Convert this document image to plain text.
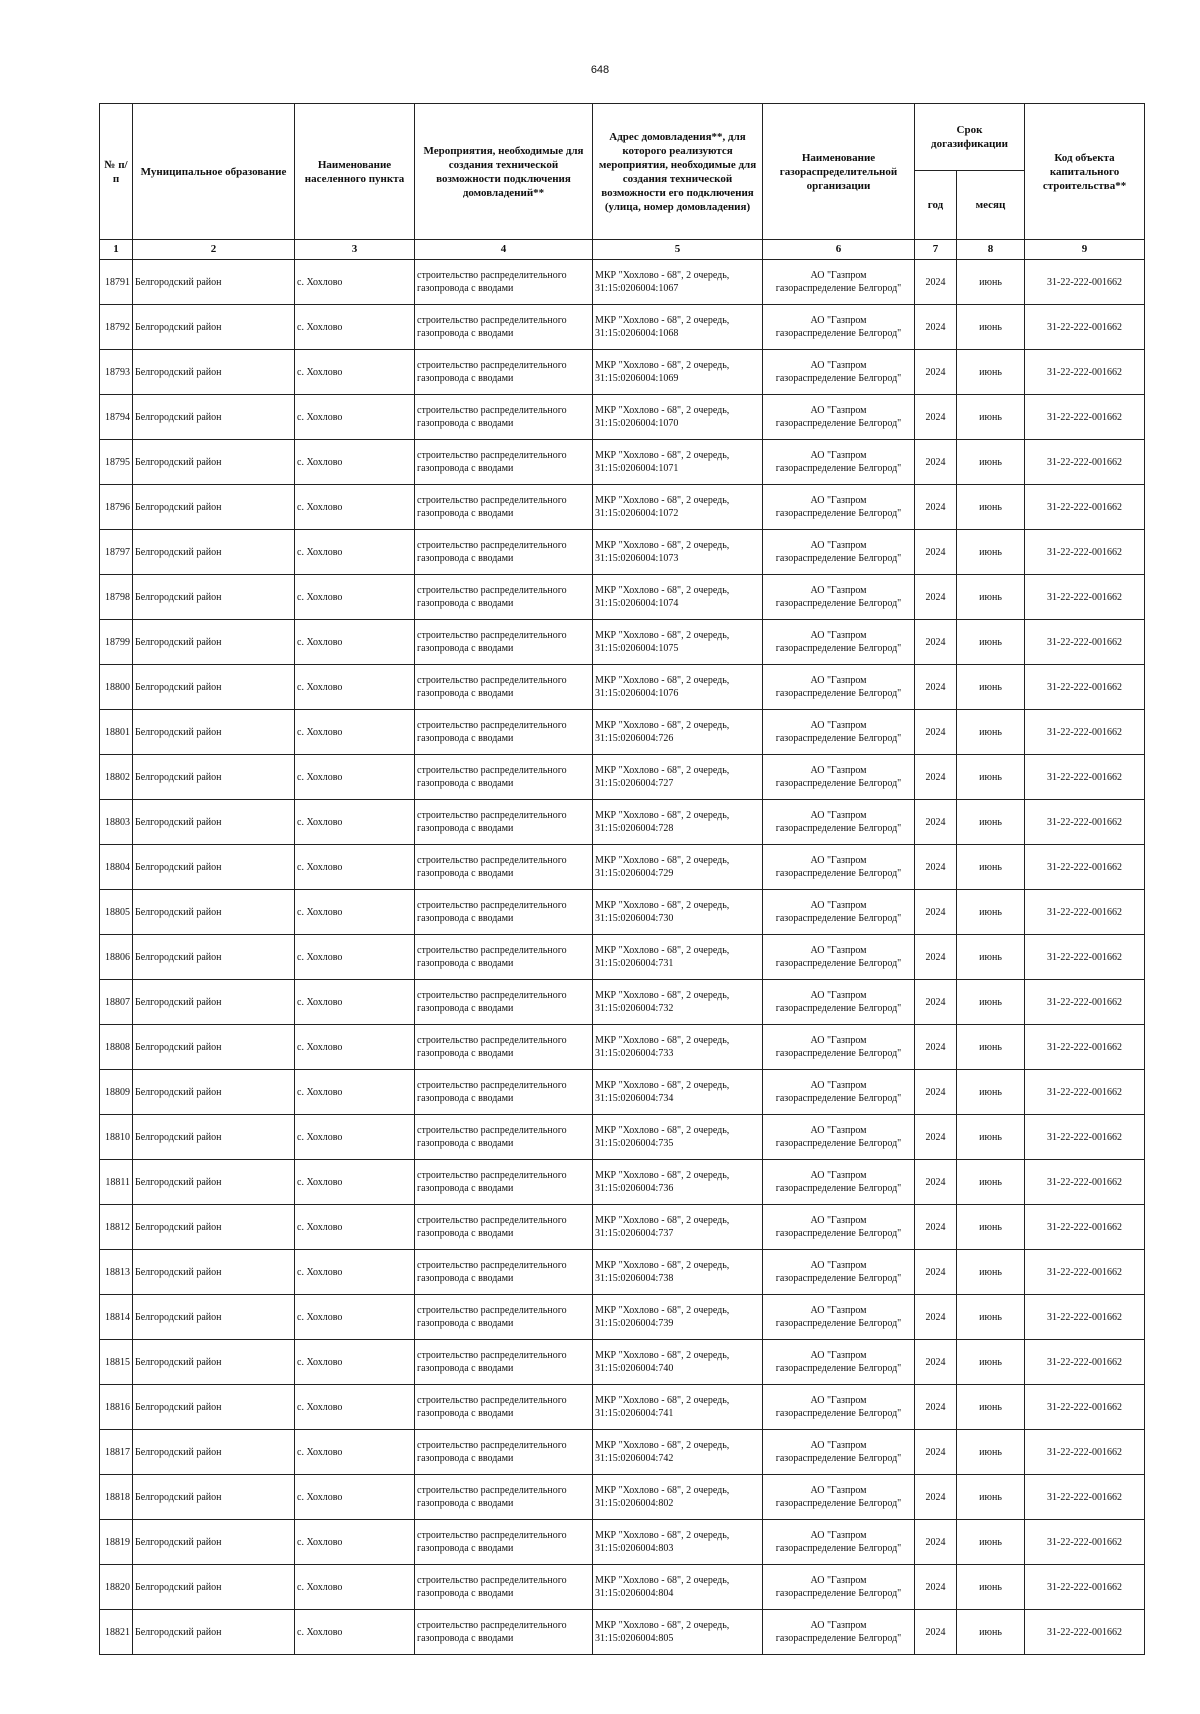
648
№ п/п	Муниципальное образование	Наименование населенного пункта	Мероприятия, необходимые для создания технической возможности подключения домовладений**	Адрес домовладения**, для которого реализуются мероприятия, необходимые для создания технической возможности его подключения (улица, номер домовладения)	Наименование газораспределительной организации	Срок догазификации		Код объекта капитального строительства**
						год	месяц	
1	2	3	4	5	6	7	8	9
18791	Белгородский район	с. Хохлово	строительство распределительного
газопровода с вводами	МКР "Хохлово - 68", 2 очередь,
31:15:0206004:1067	АО "Газпром
газораспределение Белгород"	2024	июнь	31-22-222-001662
18792	Белгородский район	с. Хохлово	строительство распределительного
газопровода с вводами	МКР "Хохлово - 68", 2 очередь,
31:15:0206004:1068	АО "Газпром
газораспределение Белгород"	2024	июнь	31-22-222-001662
18793	Белгородский район	с. Хохлово	строительство распределительного
газопровода с вводами	МКР "Хохлово - 68", 2 очередь,
31:15:0206004:1069	АО "Газпром
газораспределение Белгород"	2024	июнь	31-22-222-001662
18794	Белгородский район	с. Хохлово	строительство распределительного
газопровода с вводами	МКР "Хохлово - 68", 2 очередь,
31:15:0206004:1070	АО "Газпром
газораспределение Белгород"	2024	июнь	31-22-222-001662
18795	Белгородский район	с. Хохлово	строительство распределительного
газопровода с вводами	МКР "Хохлово - 68", 2 очередь,
31:15:0206004:1071	АО "Газпром
газораспределение Белгород"	2024	июнь	31-22-222-001662
18796	Белгородский район	с. Хохлово	строительство распределительного
газопровода с вводами	МКР "Хохлово - 68", 2 очередь,
31:15:0206004:1072	АО "Газпром
газораспределение Белгород"	2024	июнь	31-22-222-001662
18797	Белгородский район	с. Хохлово	строительство распределительного
газопровода с вводами	МКР "Хохлово - 68", 2 очередь,
31:15:0206004:1073	АО "Газпром
газораспределение Белгород"	2024	июнь	31-22-222-001662
18798	Белгородский район	с. Хохлово	строительство распределительного
газопровода с вводами	МКР "Хохлово - 68", 2 очередь,
31:15:0206004:1074	АО "Газпром
газораспределение Белгород"	2024	июнь	31-22-222-001662
18799	Белгородский район	с. Хохлово	строительство распределительного
газопровода с вводами	МКР "Хохлово - 68", 2 очередь,
31:15:0206004:1075	АО "Газпром
газораспределение Белгород"	2024	июнь	31-22-222-001662
18800	Белгородский район	с. Хохлово	строительство распределительного
газопровода с вводами	МКР "Хохлово - 68", 2 очередь,
31:15:0206004:1076	АО "Газпром
газораспределение Белгород"	2024	июнь	31-22-222-001662
18801	Белгородский район	с. Хохлово	строительство распределительного
газопровода с вводами	МКР "Хохлово - 68", 2 очередь,
31:15:0206004:726	АО "Газпром
газораспределение Белгород"	2024	июнь	31-22-222-001662
18802	Белгородский район	с. Хохлово	строительство распределительного
газопровода с вводами	МКР "Хохлово - 68", 2 очередь,
31:15:0206004:727	АО "Газпром
газораспределение Белгород"	2024	июнь	31-22-222-001662
18803	Белгородский район	с. Хохлово	строительство распределительного
газопровода с вводами	МКР "Хохлово - 68", 2 очередь,
31:15:0206004:728	АО "Газпром
газораспределение Белгород"	2024	июнь	31-22-222-001662
18804	Белгородский район	с. Хохлово	строительство распределительного
газопровода с вводами	МКР "Хохлово - 68", 2 очередь,
31:15:0206004:729	АО "Газпром
газораспределение Белгород"	2024	июнь	31-22-222-001662
18805	Белгородский район	с. Хохлово	строительство распределительного
газопровода с вводами	МКР "Хохлово - 68", 2 очередь,
31:15:0206004:730	АО "Газпром
газораспределение Белгород"	2024	июнь	31-22-222-001662
18806	Белгородский район	с. Хохлово	строительство распределительного
газопровода с вводами	МКР "Хохлово - 68", 2 очередь,
31:15:0206004:731	АО "Газпром
газораспределение Белгород"	2024	июнь	31-22-222-001662
18807	Белгородский район	с. Хохлово	строительство распределительного
газопровода с вводами	МКР "Хохлово - 68", 2 очередь,
31:15:0206004:732	АО "Газпром
газораспределение Белгород"	2024	июнь	31-22-222-001662
18808	Белгородский район	с. Хохлово	строительство распределительного
газопровода с вводами	МКР "Хохлово - 68", 2 очередь,
31:15:0206004:733	АО "Газпром
газораспределение Белгород"	2024	июнь	31-22-222-001662
18809	Белгородский район	с. Хохлово	строительство распределительного
газопровода с вводами	МКР "Хохлово - 68", 2 очередь,
31:15:0206004:734	АО "Газпром
газораспределение Белгород"	2024	июнь	31-22-222-001662
18810	Белгородский район	с. Хохлово	строительство распределительного
газопровода с вводами	МКР "Хохлово - 68", 2 очередь,
31:15:0206004:735	АО "Газпром
газораспределение Белгород"	2024	июнь	31-22-222-001662
18811	Белгородский район	с. Хохлово	строительство распределительного
газопровода с вводами	МКР "Хохлово - 68", 2 очередь,
31:15:0206004:736	АО "Газпром
газораспределение Белгород"	2024	июнь	31-22-222-001662
18812	Белгородский район	с. Хохлово	строительство распределительного
газопровода с вводами	МКР "Хохлово - 68", 2 очередь,
31:15:0206004:737	АО "Газпром
газораспределение Белгород"	2024	июнь	31-22-222-001662
18813	Белгородский район	с. Хохлово	строительство распределительного
газопровода с вводами	МКР "Хохлово - 68", 2 очередь,
31:15:0206004:738	АО "Газпром
газораспределение Белгород"	2024	июнь	31-22-222-001662
18814	Белгородский район	с. Хохлово	строительство распределительного
газопровода с вводами	МКР "Хохлово - 68", 2 очередь,
31:15:0206004:739	АО "Газпром
газораспределение Белгород"	2024	июнь	31-22-222-001662
18815	Белгородский район	с. Хохлово	строительство распределительного
газопровода с вводами	МКР "Хохлово - 68", 2 очередь,
31:15:0206004:740	АО "Газпром
газораспределение Белгород"	2024	июнь	31-22-222-001662
18816	Белгородский район	с. Хохлово	строительство распределительного
газопровода с вводами	МКР "Хохлово - 68", 2 очередь,
31:15:0206004:741	АО "Газпром
газораспределение Белгород"	2024	июнь	31-22-222-001662
18817	Белгородский район	с. Хохлово	строительство распределительного
газопровода с вводами	МКР "Хохлово - 68", 2 очередь,
31:15:0206004:742	АО "Газпром
газораспределение Белгород"	2024	июнь	31-22-222-001662
18818	Белгородский район	с. Хохлово	строительство распределительного
газопровода с вводами	МКР "Хохлово - 68", 2 очередь,
31:15:0206004:802	АО "Газпром
газораспределение Белгород"	2024	июнь	31-22-222-001662
18819	Белгородский район	с. Хохлово	строительство распределительного
газопровода с вводами	МКР "Хохлово - 68", 2 очередь,
31:15:0206004:803	АО "Газпром
газораспределение Белгород"	2024	июнь	31-22-222-001662
18820	Белгородский район	с. Хохлово	строительство распределительного
газопровода с вводами	МКР "Хохлово - 68", 2 очередь,
31:15:0206004:804	АО "Газпром
газораспределение Белгород"	2024	июнь	31-22-222-001662
18821	Белгородский район	с. Хохлово	строительство распределительного
газопровода с вводами	МКР "Хохлово - 68", 2 очередь,
31:15:0206004:805	АО "Газпром
газораспределение Белгород"	2024	июнь	31-22-222-001662
